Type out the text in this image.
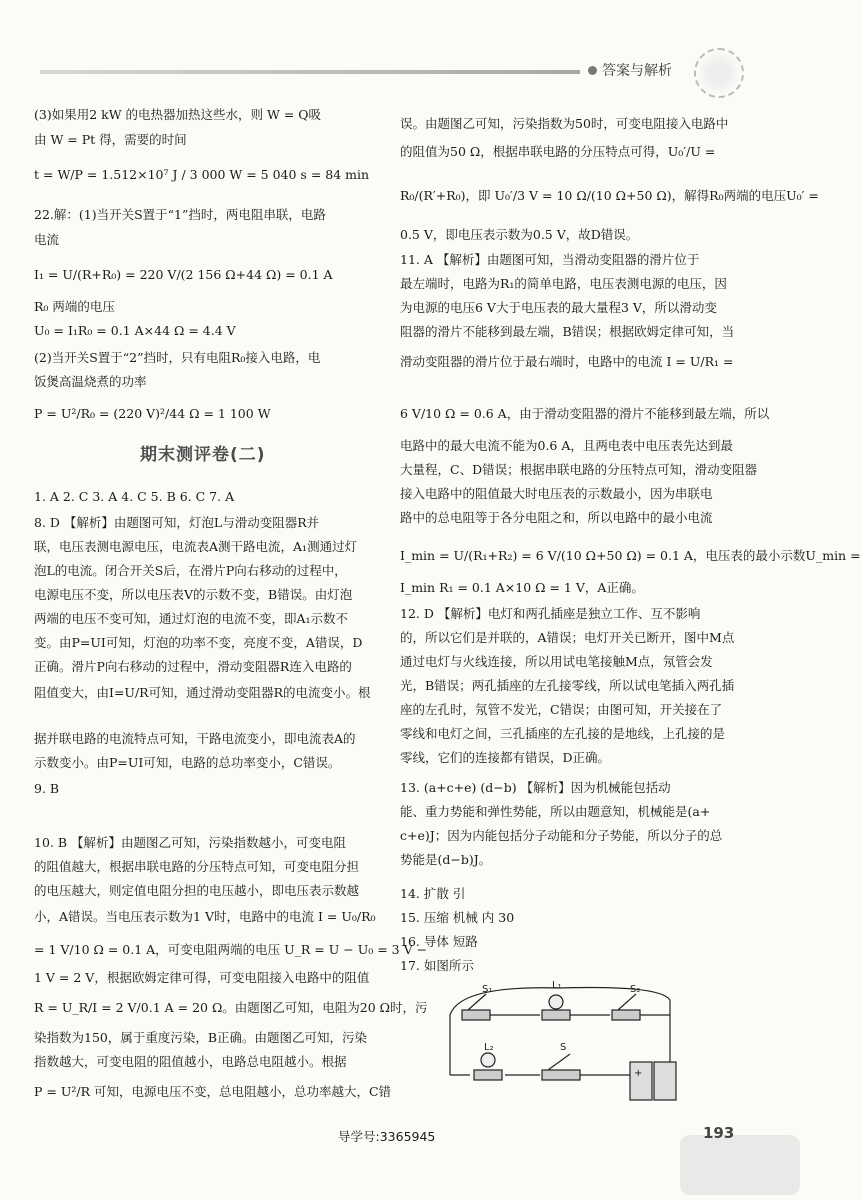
答案与解析
(3)如果用2 kW 的电热器加热这些水，则 W = Q吸
由 W = Pt 得，需要的时间
t = W/P = 1.512×10⁷ J / 3 000 W = 5 040 s = 84 min
22.解：(1)当开关S置于“1”挡时，两电阻串联，电路
电流
I₁ = U/(R+R₀) = 220 V/(2 156 Ω+44 Ω) = 0.1 A
R₀ 两端的电压
U₀ = I₁R₀ = 0.1 A×44 Ω = 4.4 V
(2)当开关S置于“2”挡时，只有电阻R₀接入电路，电
饭煲高温烧煮的功率
P = U²/R₀ = (220 V)²/44 Ω = 1 100 W
1. A 2. C 3. A 4. C 5. B 6. C 7. A
8. D 【解析】由题图可知，灯泡L与滑动变阻器R并
联，电压表测电源电压，电流表A测干路电流，A₁测通过灯
泡L的电流。闭合开关S后，在滑片P向右移动的过程中，
电源电压不变，所以电压表V的示数不变，B错误。由灯泡
两端的电压不变可知，通过灯泡的电流不变，即A₁示数不
变。由P=UI可知，灯泡的功率不变，亮度不变，A错误，D
正确。滑片P向右移动的过程中，滑动变阻器R连入电路的
阻值变大，由I=U/R可知，通过滑动变阻器R的电流变小。根
据并联电路的电流特点可知，干路电流变小，即电流表A的
示数变小。由P=UI可知，电路的总功率变小，C错误。
9. B
10. B 【解析】由题图乙可知，污染指数越小，可变电阻
的阻值越大，根据串联电路的分压特点可知，可变电阻分担
的电压越大，则定值电阻分担的电压越小，即电压表示数越
小，A错误。当电压表示数为1 V时，电路中的电流 I = U₀/R₀
= 1 V/10 Ω = 0.1 A，可变电阻两端的电压 U_R = U − U₀ = 3 V −
1 V = 2 V，根据欧姆定律可得，可变电阻接入电路中的阻值
R = U_R/I = 2 V/0.1 A = 20 Ω。由题图乙可知，电阻为20 Ω时，污
染指数为150，属于重度污染，B正确。由题图乙可知，污染
指数越大，可变电阻的阻值越小，电路总电阻越小。根据
P = U²/R 可知，电源电压不变，总电阻越小，总功率越大，C错
误。由题图乙可知，污染指数为50时，可变电阻接入电路中
的阻值为50 Ω，根据串联电路的分压特点可得，U₀′/U =
R₀/(R′+R₀)，即 U₀′/3 V = 10 Ω/(10 Ω+50 Ω)，解得R₀两端的电压U₀′ =
0.5 V，即电压表示数为0.5 V，故D错误。
11. A 【解析】由题图可知，当滑动变阻器的滑片位于
最左端时，电路为R₁的简单电路，电压表测电源的电压，因
为电源的电压6 V大于电压表的最大量程3 V，所以滑动变
阻器的滑片不能移到最左端，B错误；根据欧姆定律可知，当
滑动变阻器的滑片位于最右端时，电路中的电流 I = U/R₁ =
6 V/10 Ω = 0.6 A，由于滑动变阻器的滑片不能移到最左端，所以
电路中的最大电流不能为0.6 A，且两电表中电压表先达到最
大量程，C、D错误；根据串联电路的分压特点可知，滑动变阻器
接入电路中的阻值最大时电压表的示数最小，因为串联电
路中的总电阻等于各分电阻之和，所以电路中的最小电流
I_min = U/(R₁+R₂) = 6 V/(10 Ω+50 Ω) = 0.1 A，电压表的最小示数U_min =
I_min R₁ = 0.1 A×10 Ω = 1 V，A正确。
12. D 【解析】电灯和两孔插座是独立工作、互不影响
的，所以它们是并联的，A错误；电灯开关已断开，图中M点
通过电灯与火线连接，所以用试电笔接触M点，氖管会发
光，B错误；两孔插座的左孔接零线，所以试电笔插入两孔插
座的左孔时，氖管不发光，C错误；由图可知，开关接在了
零线和电灯之间，三孔插座的左孔接的是地线，上孔接的是
零线，它们的连接都有错误，D正确。
13. (a+c+e) (d−b) 【解析】因为机械能包括动
能、重力势能和弹性势能，所以由题意知，机械能是(a+
c+e)J；因为内能包括分子动能和分子势能，所以分子的总
势能是(d−b)J。
14. 扩散 引
15. 压缩 机械 内 30
16. 导体 短路
17. 如图所示
期末测评卷(二)
S₁	L₁	S₂
L₂	S
+
导学号:3365945	193
